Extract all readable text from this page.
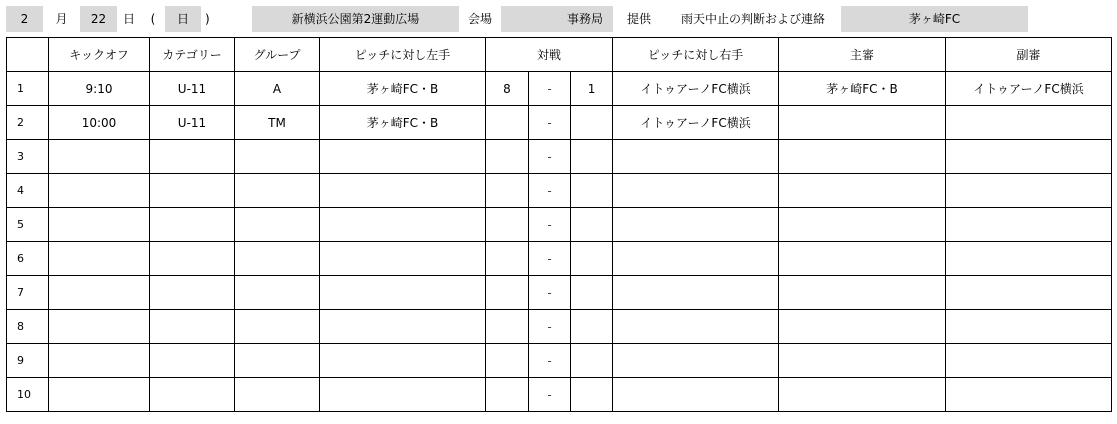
2	月	22	日	(	日	)	新横浜公園第2運動広場	会場	事務局	提供	雨天中止の判断および連絡	茅ヶ崎FC
	キックオフ	カテゴリー	グループ	ピッチに対し左手	対戦			ピッチに対し右手	主審	副審
1	9:10	U-11	A	茅ヶ崎FC・B	8	-	1	イトゥアーノFC横浜	茅ヶ崎FC・B	イトゥアーノFC横浜
2	10:00	U-11	TM	茅ヶ崎FC・B		-		イトゥアーノFC横浜		
3						-				
4						-				
5						-				
6						-				
7						-				
8						-				
9						-				
10						-				
